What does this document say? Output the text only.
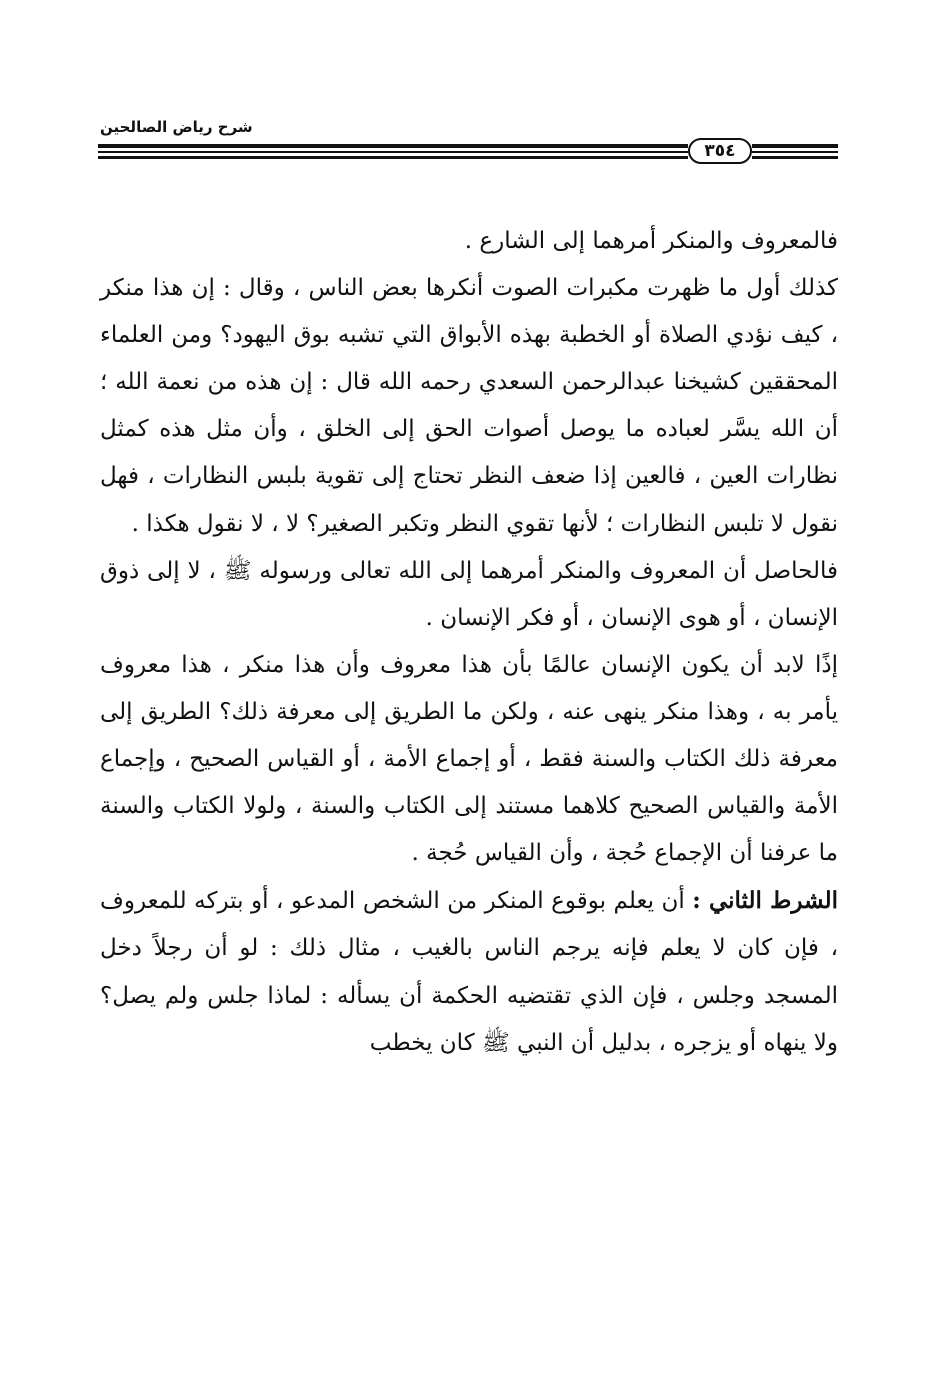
شرح رياض الصالحين
٣٥٤

فالمعروف والمنكر أمرهما إلى الشارع .

كذلك أول ما ظهرت مكبرات الصوت أنكرها بعض الناس ، وقال : إن هذا منكر ، كيف نؤدي الصلاة أو الخطبة بهذه الأبواق التي تشبه بوق اليهود؟ ومن العلماء المحققين كشيخنا عبدالرحمن السعدي رحمه الله قال : إن هذه من نعمة الله ؛ أن الله يسَّر لعباده ما يوصل أصوات الحق إلى الخلق ، وأن مثل هذه كمثل نظارات العين ، فالعين إذا ضعف النظر تحتاج إلى تقوية بلبس النظارات ، فهل نقول لا تلبس النظارات ؛ لأنها تقوي النظر وتكبر الصغير؟ لا ، لا نقول هكذا .

فالحاصل أن المعروف والمنكر أمرهما إلى الله تعالى ورسوله ﷺ ، لا إلى ذوق الإنسان ، أو هوى الإنسان ، أو فكر الإنسان .

إذًا لابد أن يكون الإنسان عالمًا بأن هذا معروف وأن هذا منكر ، هذا معروف يأمر به ، وهذا منكر ينهى عنه ، ولكن ما الطريق إلى معرفة ذلك؟ الطريق إلى معرفة ذلك الكتاب والسنة فقط ، أو إجماع الأمة ، أو القياس الصحيح ، وإجماع الأمة والقياس الصحيح كلاهما مستند إلى الكتاب والسنة ، ولولا الكتاب والسنة ما عرفنا أن الإجماع حُجة ، وأن القياس حُجة .

الشرط الثاني : أن يعلم بوقوع المنكر من الشخص المدعو ، أو بتركه للمعروف ، فإن كان لا يعلم فإنه يرجم الناس بالغيب ، مثال ذلك : لو أن رجلاً دخل المسجد وجلس ، فإن الذي تقتضيه الحكمة أن يسأله : لماذا جلس ولم يصل؟ ولا ينهاه أو يزجره ، بدليل أن النبي ﷺ كان يخطب
